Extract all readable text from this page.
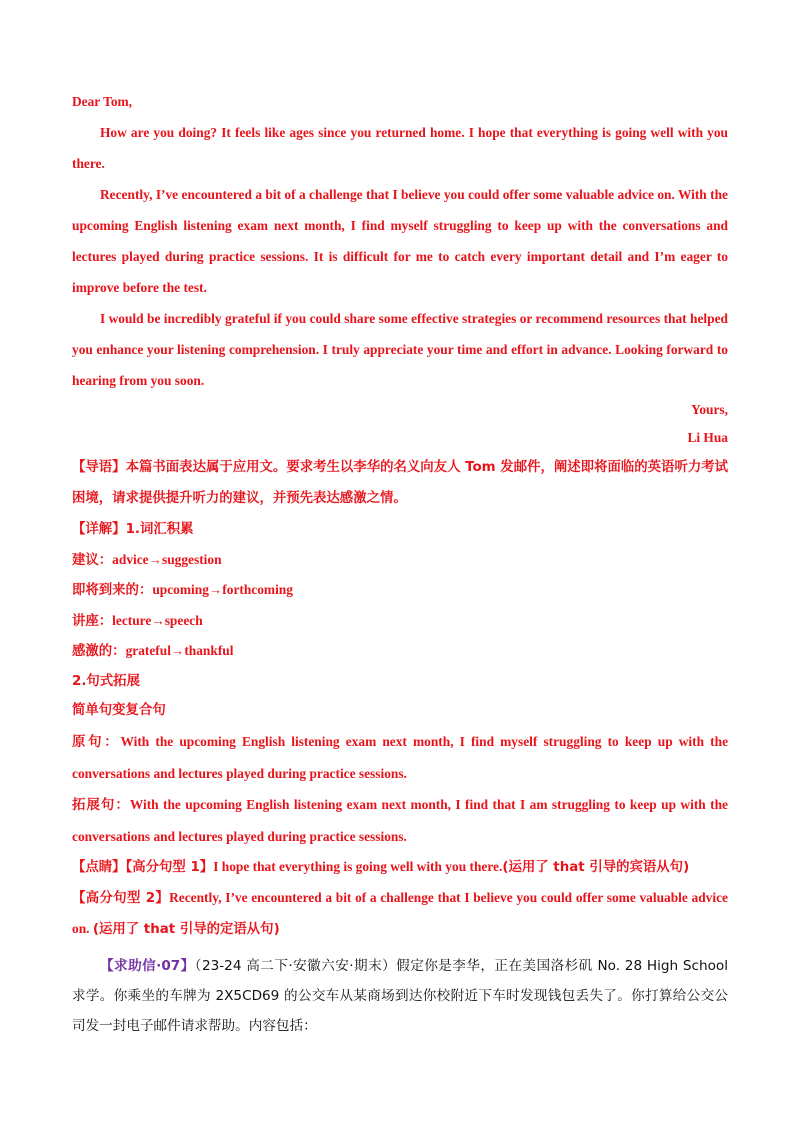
Dear Tom,

How are you doing? It feels like ages since you returned home. I hope that everything is going well with you there.

Recently, I’ve encountered a bit of a challenge that I believe you could offer some valuable advice on. With the upcoming English listening exam next month, I find myself struggling to keep up with the conversations and lectures played during practice sessions. It is difficult for me to catch every important detail and I’m eager to improve before the test.

I would be incredibly grateful if you could share some effective strategies or recommend resources that helped you enhance your listening comprehension. I truly appreciate your time and effort in advance. Looking forward to hearing from you soon.

Yours,

Li Hua

【导语】本篇书面表达属于应用文。要求考生以李华的名义向友人 Tom 发邮件，阐述即将面临的英语听力考试困境，请求提供提升听力的建议，并预先表达感激之情。

【详解】1.词汇积累

建议：advice→suggestion

即将到来的：upcoming→forthcoming

讲座：lecture→speech

感激的：grateful→thankful

2.句式拓展

简单句变复合句

原句：With the upcoming English listening exam next month, I find myself struggling to keep up with the conversations and lectures played during practice sessions.

拓展句：With the upcoming English listening exam next month, I find that I am struggling to keep up with the conversations and lectures played during practice sessions.

【点睛】【高分句型 1】I hope that everything is going well with you there.(运用了 that 引导的宾语从句)

【高分句型 2】Recently, I’ve encountered a bit of a challenge that I believe you could offer some valuable advice on. (运用了 that 引导的定语从句)

【求助信·07】（23-24 高二下·安徽六安·期末）假定你是李华，正在美国洛杉矶 No. 28 High School 求学。你乘坐的车牌为 2X5CD69 的公交车从某商场到达你校附近下车时发现钱包丢失了。你打算给公交公司发一封电子邮件请求帮助。内容包括：
